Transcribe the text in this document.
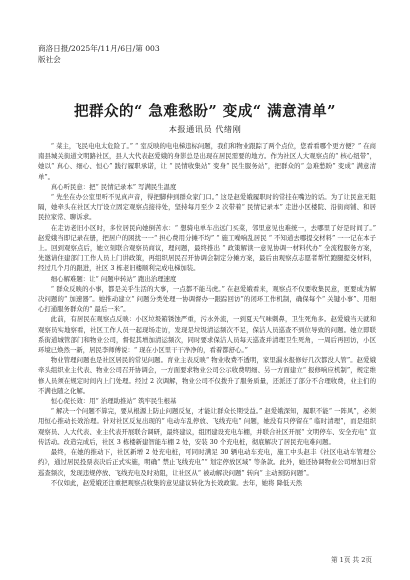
商洛日报/2025年/11月/6日/第 003
版社会
把群众的“ 急难愁盼” 变成“ 满意清单”
本报通讯员 代绪刚

“ 菜主，飞民电电太危险了。” “ 室反映的电电梯违标问题，我们和物业跟踪了两个点位，您看看哪个更方便？” 在商南县城关街道文明路社区，县人大代表赵爱娥的身影总是出现在居民需要的地方。作为社区人大观察点的“ 核心纽带”，她以“ 真心、细心、恒心” 践行履职承诺，让 “ 民情收集站” 变身“ 民生服务站”，把群众的“ 急难愁盼” 变成“ 满意清单”。

真心听民意：把“ 民情记录本” 写满民生温度

“ 先坐在办公室里听不见真声音，得把脚伸到群众家门口。” 这是赵爱娥履职时的常挂在嘴边的话。为了让民意无阻隔，她牵头在社区大厅设立固定观察点接待处，坚持每月至少 2 次带着“ 民情记录本” 走进小区楼院、沿街商铺、和居民拉家常、聊诉求。

在走访老旧小区时，多位居民向她倒苦水：“ 想骑电单车出远门买菜，邻里意见也难统一，去哪里了好是时间了。” 赵爱娥当即记录在册，把居户的困扰一一“ 担心费用分摊不均” “ 施工噪响乱居民 “ 不知道去哪提交材料” 一一记在本子上。回到观察点后，她立刻联合观察员商议，理问题，最终推出 “ 政策解读一意见协调一材料代办” 全流程服务方案，先邀请住建部门工作人员上门讲政策，再组织居民召开协调会制定分摊方案，最后由观察点志愿者帮忙跑腿提交材料，经过几个月的跟进，社区 3 栋老旧楼顺利完成电梯加装。

细心解难题：让“ 问题申转站” 跑出治理速度

“ 群众反映的小事，都是关乎生活的大事，一点都不能马虎。” 在赵爱娥看来，观察点不仅要收集民意，更要成为解决问题的“ 加速器”。她推动建立“ 问题分类处理一协调督办一跟踪回访”的闭环工作机制，确保每个“ 关键小事”、用细心打通服务群众的“ 最后一米”。

此前，有居民在观察点反映：小区垃圾箱锈蚀严重，污水外流，一到夏天气味刺鼻，卫生死角多。赵爱娥当天就和观察员实地察看，社区工作人员一起现场走访，发现是垃圾清运频次不足，保洁人员巡查不到位导致的问题。她立即联系街道城管部门和物业公司，督促其增加清运频次，同时要求保洁人员每天巡查并清理卫生死角，一周后再回访，小区环境已焕然一新，居民李师傅说：“ 现在小区里干干净净的，看着都舒心。”

物业管理问题也是社区居民的常见问题。育业主表反映“ 物业收费不透明，家里漏水报修好几次都没人管”。赵爱娥牵头组织业主代表、物业公司召开协调会，一方面要求物业公司公示收费明细、另一方面建立“ 报修响应机制”，规定维修人员须在规定时间内上门处理。经过 2 次调解，物业公司不仅拨升了服务质量，还派还了部分不合理收费，业主们的不满也随之化解。

恒心促长效：用“ 治理助推站” 筑牢民生根基

“ 解决一个问题不算完，要从根源上防止问题反复，才能让群众长期受益。” 赵爱娥深知，履职不能“ 一阵风”，必须用恒心推动长效治理。针对社区反复出现的“ 电动车乱停放、飞线充电” 问题，她没有只停留在“ 临时清理”，而是组织观察员、人大代表、业主代表开展联合调研，最终建议，组团建设充电车棚，并联合社区开展“ 文明停车、安全充电” 宣传活动。改造完成后，社区 3 栋楼新建智能车棚 2 处，安装 30 个充电桩，彻底解决了居民充电难问题。

最终，在她的推动下，社区新增 2 处充电桩，可同时满足 30 辆电动车充电，施工中头赵丰《社区电动车管理公约》，通过居民投票表决后正式实施，明确“ 禁止飞线充电”“ 划定停放区域” 等条款。此外，她还协调物业公司增加日常巡查频次，发现违规停放、飞线充电及时劝阻，让社区从“ 被动解决问题” 转向“ 主动预防问题”。

不仅如此，赵爱娥还注重把观察点收集的意见建议转化为长效政策。去年，她将 降低天然

第 1页 共 2页
